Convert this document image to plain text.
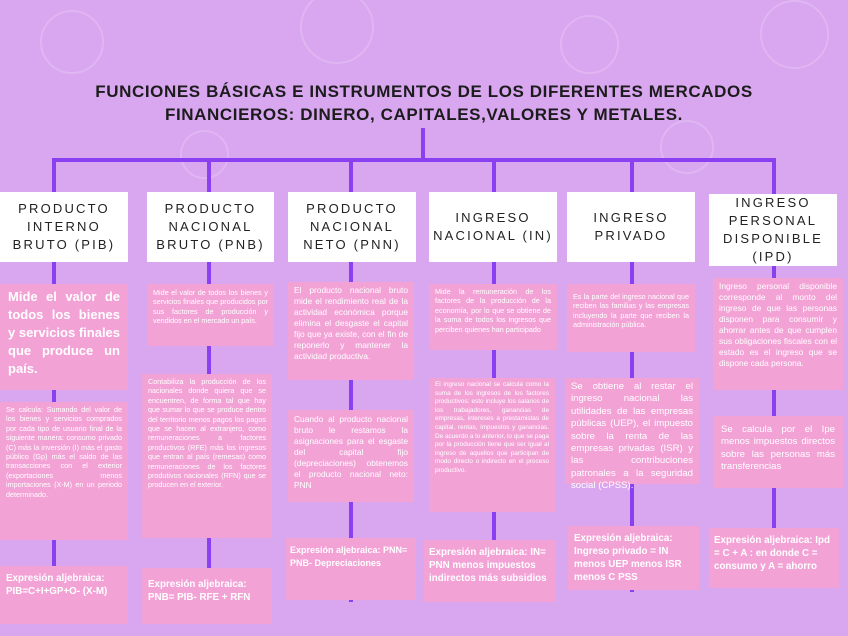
FUNCIONES BÁSICAS E INSTRUMENTOS DE LOS DIFERENTES MERCADOS
FINANCIEROS: DINERO, CAPITALES,VALORES Y METALES.
PRODUCTO INTERNO BRUTO (PIB)
PRODUCTO NACIONAL BRUTO (PNB)
PRODUCTO NACIONAL NETO (PNN)
INGRESO NACIONAL (IN)
INGRESO PRIVADO
INGRESO PERSONAL DISPONIBLE (IPD)
Mide el valor de todos los bienes y servicios finales que produce un país.
Se calcula: Sumando del valor de los bienes y servicios comprados por cada tipo de usuario final de la siguiente manera: consumo privado (C) más la inversión (I) más el gasto público (Gp) más el saldo de las transacciones con el exterior (exportaciones menos importaciones (X-M) en un periodo determinado.
Expresión aljebraica: PIB=C+I+GP+O- (X-M)
Mide el valor de todos los bienes y servicios finales que producidos por sus factores de producción y vendidos en el mercado un país.
Contabiliza la producción de los nacionales donde quiera que se encuentren, de forma tal que hay que sumar lo que se produce dentro del territorio menos pagos los pagos que se hacen al extranjero, como remuneraciones a factores productivos (RFE) más los ingresos que entran al país (remesas) como remuneraciones de los factores produtivos nacionales (RFN) que se producen en el exterior.
Expresión aljebraica: PNB= PIB- RFE + RFN
El producto nacional bruto mide el rendimiento real de la actividad económica porque elimina el desgaste el capital fijo que ya existe, con el fin de reponerlo y mantener la actividad productiva.
Cuando al producto nacional bruto le restamos la asignaciones para el esgaste del capital fijo (depreciaciones) obtenemos el producto nacional neto: PNN
Expresión aljebraica: PNN= PNB- Depreciaciones
Mide la remuneración de los factores de la producción de la economía, por lo que se obtiene de la suma de todos los ingresos que perciben quienes han participado
El ingreso nacional se calcula como la suma de los ingresos de los factores productivos: esto incluye los salarios de los trabajadores, ganancias de empresas, intereses a prestamistas de capital, rentas, impuestos y ganancias. De acuerdo a lo anterior, lo que se paga por la producción tiene que ser igual al ingreso de aquellos que participan de modo directo o indirecto en el proceso productivo.
Expresión aljebraica: IN= PNN menos impuestos indirectos más subsidios
Es la parte del ingreso nacional que reciben las familias y las empresas incluyendo la parte que reciben la administración pública.
Se obtiene al restar el ingreso nacional las utilidades de las empresas públicas (UEP), el impuesto sobre la renta de las empresas privadas (ISR) y las contribuciones patronales a la seguridad social (CPSS).
Expresión aljebraica: Ingreso privado = IN menos UEP menos ISR menos C PSS
Ingreso personal disponible corresponde al monto del ingreso de que las personas disponen para consumir y ahorrar antes de que cumplen sus obligaciones fiscales con el estado es el ingreso que se dispone cada persona.
Se calcula por el Ipe menos impuestos directos sobre las personas más transferencias
Expresión aljebraica: Ipd = C + A : en donde C = consumo y A = ahorro
